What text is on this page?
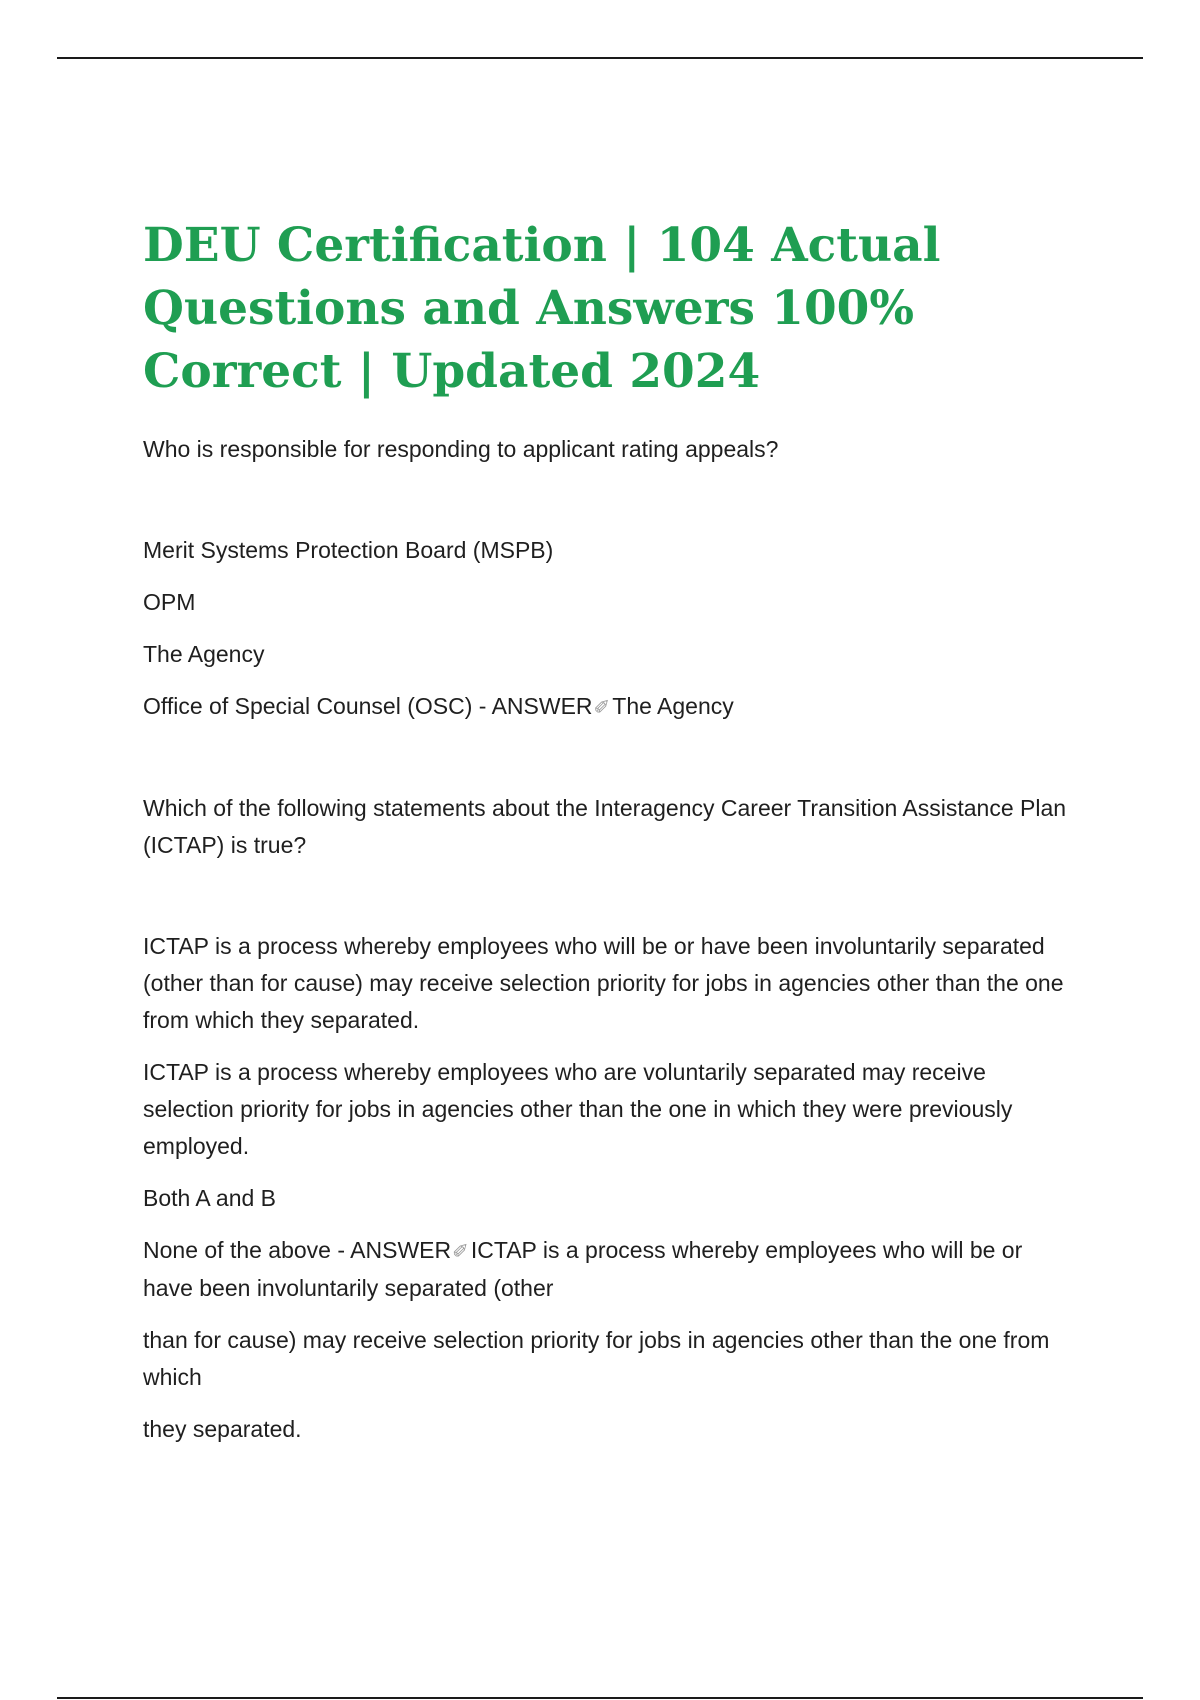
DEU Certification | 104 Actual Questions and Answers 100% Correct | Updated 2024

Who is responsible for responding to applicant rating appeals?

Merit Systems Protection Board (MSPB)

OPM

The Agency

Office of Special Counsel (OSC) - ANSWER✐The Agency

Which of the following statements about the Interagency Career Transition Assistance Plan (ICTAP) is true?

ICTAP is a process whereby employees who will be or have been involuntarily separated (other than for cause) may receive selection priority for jobs in agencies other than the one from which they separated.

ICTAP is a process whereby employees who are voluntarily separated may receive selection priority for jobs in agencies other than the one in which they were previously employed.

Both A and B

None of the above - ANSWER✐ICTAP is a process whereby employees who will be or have been involuntarily separated (other

than for cause) may receive selection priority for jobs in agencies other than the one from which

they separated.
